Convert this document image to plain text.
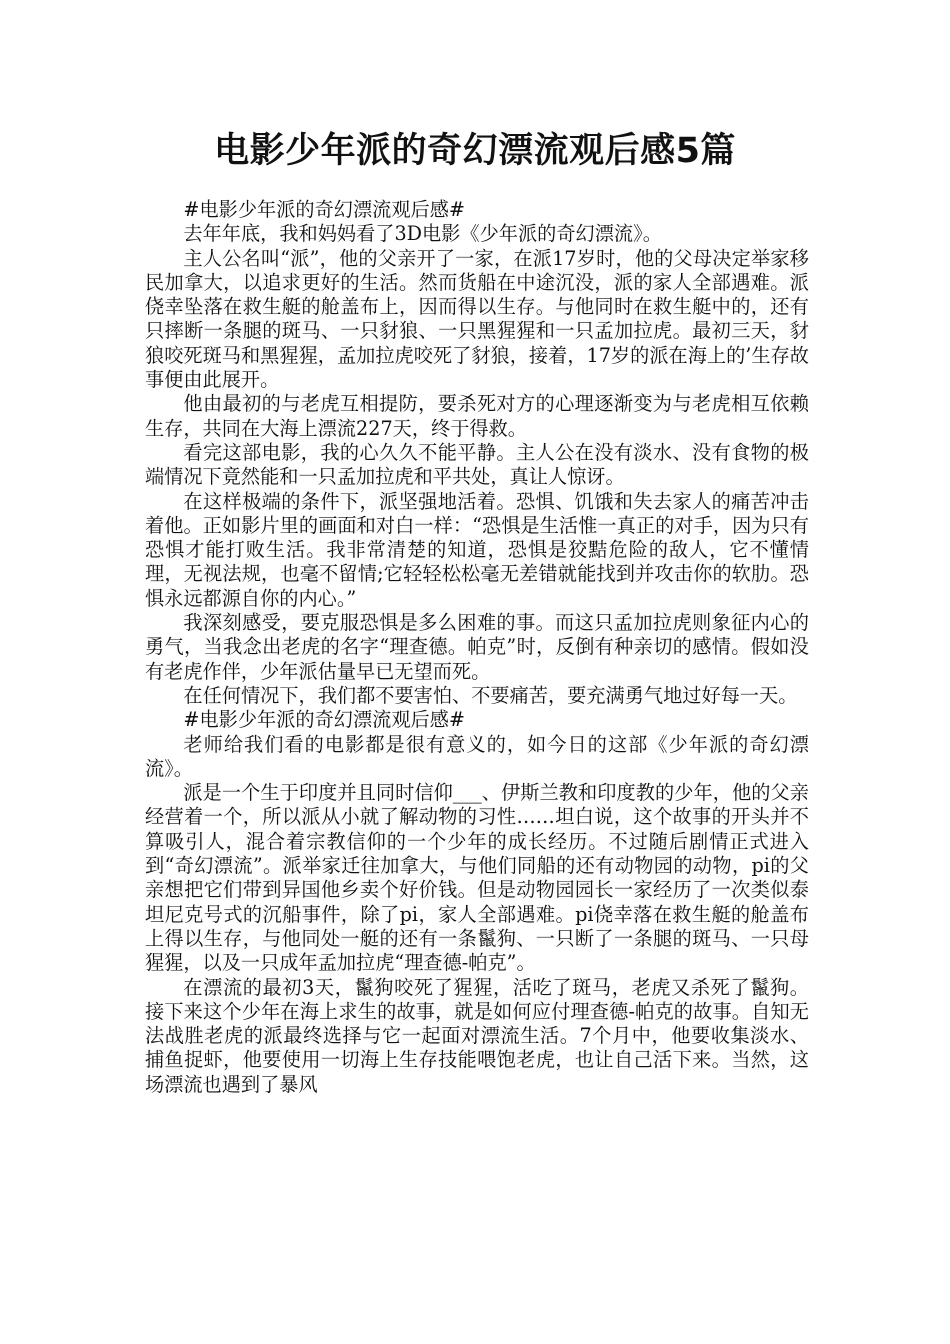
电影少年派的奇幻漂流观后感5篇

#电影少年派的奇幻漂流观后感#

去年年底，我和妈妈看了3D电影《少年派的奇幻漂流》。

主人公名叫“派”，他的父亲开了一家，在派17岁时，他的父母决定举家移民加拿大，以追求更好的生活。然而货船在中途沉没，派的家人全部遇难。派侥幸坠落在救生艇的舱盖布上，因而得以生存。与他同时在救生艇中的，还有只摔断一条腿的斑马、一只豺狼、一只黑猩猩和一只孟加拉虎。最初三天，豺狼咬死斑马和黑猩猩，孟加拉虎咬死了豺狼，接着，17岁的派在海上的’生存故事便由此展开。

他由最初的与老虎互相提防，要杀死对方的心理逐渐变为与老虎相互依赖生存，共同在大海上漂流227天，终于得救。

看完这部电影，我的心久久不能平静。主人公在没有淡水、没有食物的极端情况下竟然能和一只孟加拉虎和平共处，真让人惊讶。

在这样极端的条件下，派坚强地活着。恐惧、饥饿和失去家人的痛苦冲击着他。正如影片里的画面和对白一样：“恐惧是生活惟一真正的对手，因为只有恐惧才能打败生活。我非常清楚的知道，恐惧是狡黠危险的敌人，它不懂情理，无视法规，也毫不留情;它轻轻松松毫无差错就能找到并攻击你的软肋。恐惧永远都源自你的内心。”

我深刻感受，要克服恐惧是多么困难的事。而这只孟加拉虎则象征内心的勇气，当我念出老虎的名字“理查德。帕克”时，反倒有种亲切的感情。假如没有老虎作伴，少年派估量早已无望而死。

在任何情况下，我们都不要害怕、不要痛苦，要充满勇气地过好每一天。

#电影少年派的奇幻漂流观后感#

老师给我们看的电影都是很有意义的，如今日的这部《少年派的奇幻漂流》。

派是一个生于印度并且同时信仰___、伊斯兰教和印度教的少年，他的父亲经营着一个，所以派从小就了解动物的习性……坦白说，这个故事的开头并不算吸引人，混合着宗教信仰的一个少年的成长经历。不过随后剧情正式进入到“奇幻漂流”。派举家迁往加拿大，与他们同船的还有动物园的动物，pi的父亲想把它们带到异国他乡卖个好价钱。但是动物园园长一家经历了一次类似泰坦尼克号式的沉船事件，除了pi，家人全部遇难。pi侥幸落在救生艇的舱盖布上得以生存，与他同处一艇的还有一条鬣狗、一只断了一条腿的斑马、一只母猩猩，以及一只成年孟加拉虎“理查德-帕克”。

在漂流的最初3天，鬣狗咬死了猩猩，活吃了斑马，老虎又杀死了鬣狗。接下来这个少年在海上求生的故事，就是如何应付理查德-帕克的故事。自知无法战胜老虎的派最终选择与它一起面对漂流生活。7个月中，他要收集淡水、捕鱼捉虾，他要使用一切海上生存技能喂饱老虎，也让自己活下来。当然，这场漂流也遇到了暴风
